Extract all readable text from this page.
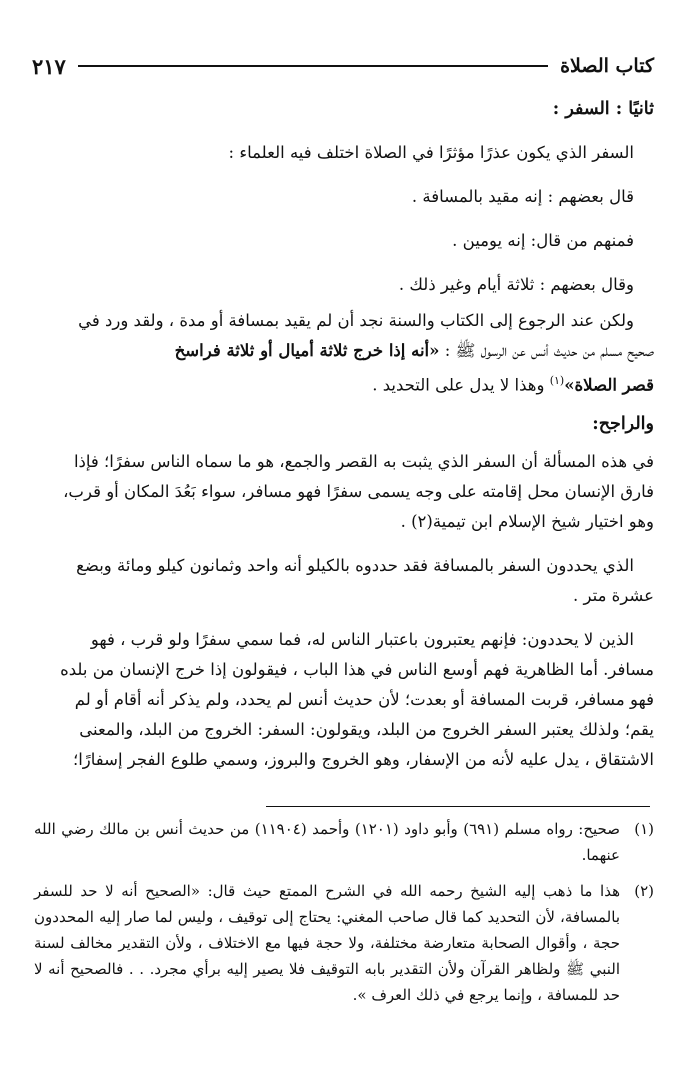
كتاب الصلاة
٢١٧
ثانيًا : السفر :
السفر الذي يكون عذرًا مؤثرًا في الصلاة اختلف فيه العلماء :
قال بعضهم : إنه مقيد بالمسافة .
فمنهم من قال: إنه يومين .
وقال بعضهم : ثلاثة أيام وغير ذلك .
ولكن عند الرجوع إلى الكتاب والسنة نجد أن لم يقيد بمسافة أو مدة ، ولقد ورد في
صحيح مسلم من حديث أنس عن الرسول ﷺ : «أنه إذا خرج ثلاثة أميال أو ثلاثة فراسخ
قصر الصلاة»$^{(١)}$ وهذا لا يدل على التحديد .
والراجح:
في هذه المسألة أن السفر الذي يثبت به القصر والجمع، هو ما سماه الناس سفرًا؛ فإذا
فارق الإنسان محل إقامته على وجه يسمى سفرًا فهو مسافر، سواء بَعُدَ المكان أو قرب،
وهو اختيار شيخ الإسلام ابن تيمية(٢) .
الذي يحددون السفر بالمسافة فقد حددوه بالكيلو أنه واحد وثمانون كيلو ومائة وبضع
عشرة متر .
الذين لا يحددون: فإنهم يعتبرون باعتبار الناس له، فما سمي سفرًا ولو قرب ، فهو
مسافر. أما الظاهرية فهم أوسع الناس في هذا الباب ، فيقولون إذا خرج الإنسان من بلده
فهو مسافر، قربت المسافة أو بعدت؛ لأن حديث أنس لم يحدد، ولم يذكر أنه أقام أو لم
يقم؛ ولذلك يعتبر السفر الخروج من البلد، ويقولون: السفر: الخروج من البلد، والمعنى
الاشتقاق ، يدل عليه لأنه من الإسفار، وهو الخروج والبروز، وسمي طلوع الفجر إسفارًا؛
(١)
صحيح: رواه مسلم (٦٩١) وأبو داود (١٢٠١) وأحمد (١١٩٠٤) من حديث أنس بن مالك رضي الله عنهما.
(٢)
هذا ما ذهب إليه الشيخ رحمه الله في الشرح الممتع حيث قال: «الصحيح أنه لا حد للسفر بالمسافة، لأن التحديد كما قال صاحب المغني: يحتاج إلى توقيف ، وليس لما صار إليه المحددون حجة ، وأقوال الصحابة متعارضة مختلفة، ولا حجة فيها مع الاختلاف ، ولأن التقدير مخالف لسنة النبي ﷺ ولظاهر القرآن ولأن التقدير بابه التوقيف فلا يصير إليه برأي مجرد. . . فالصحيح أنه لا حد للمسافة ، وإنما يرجع في ذلك العرف ».
